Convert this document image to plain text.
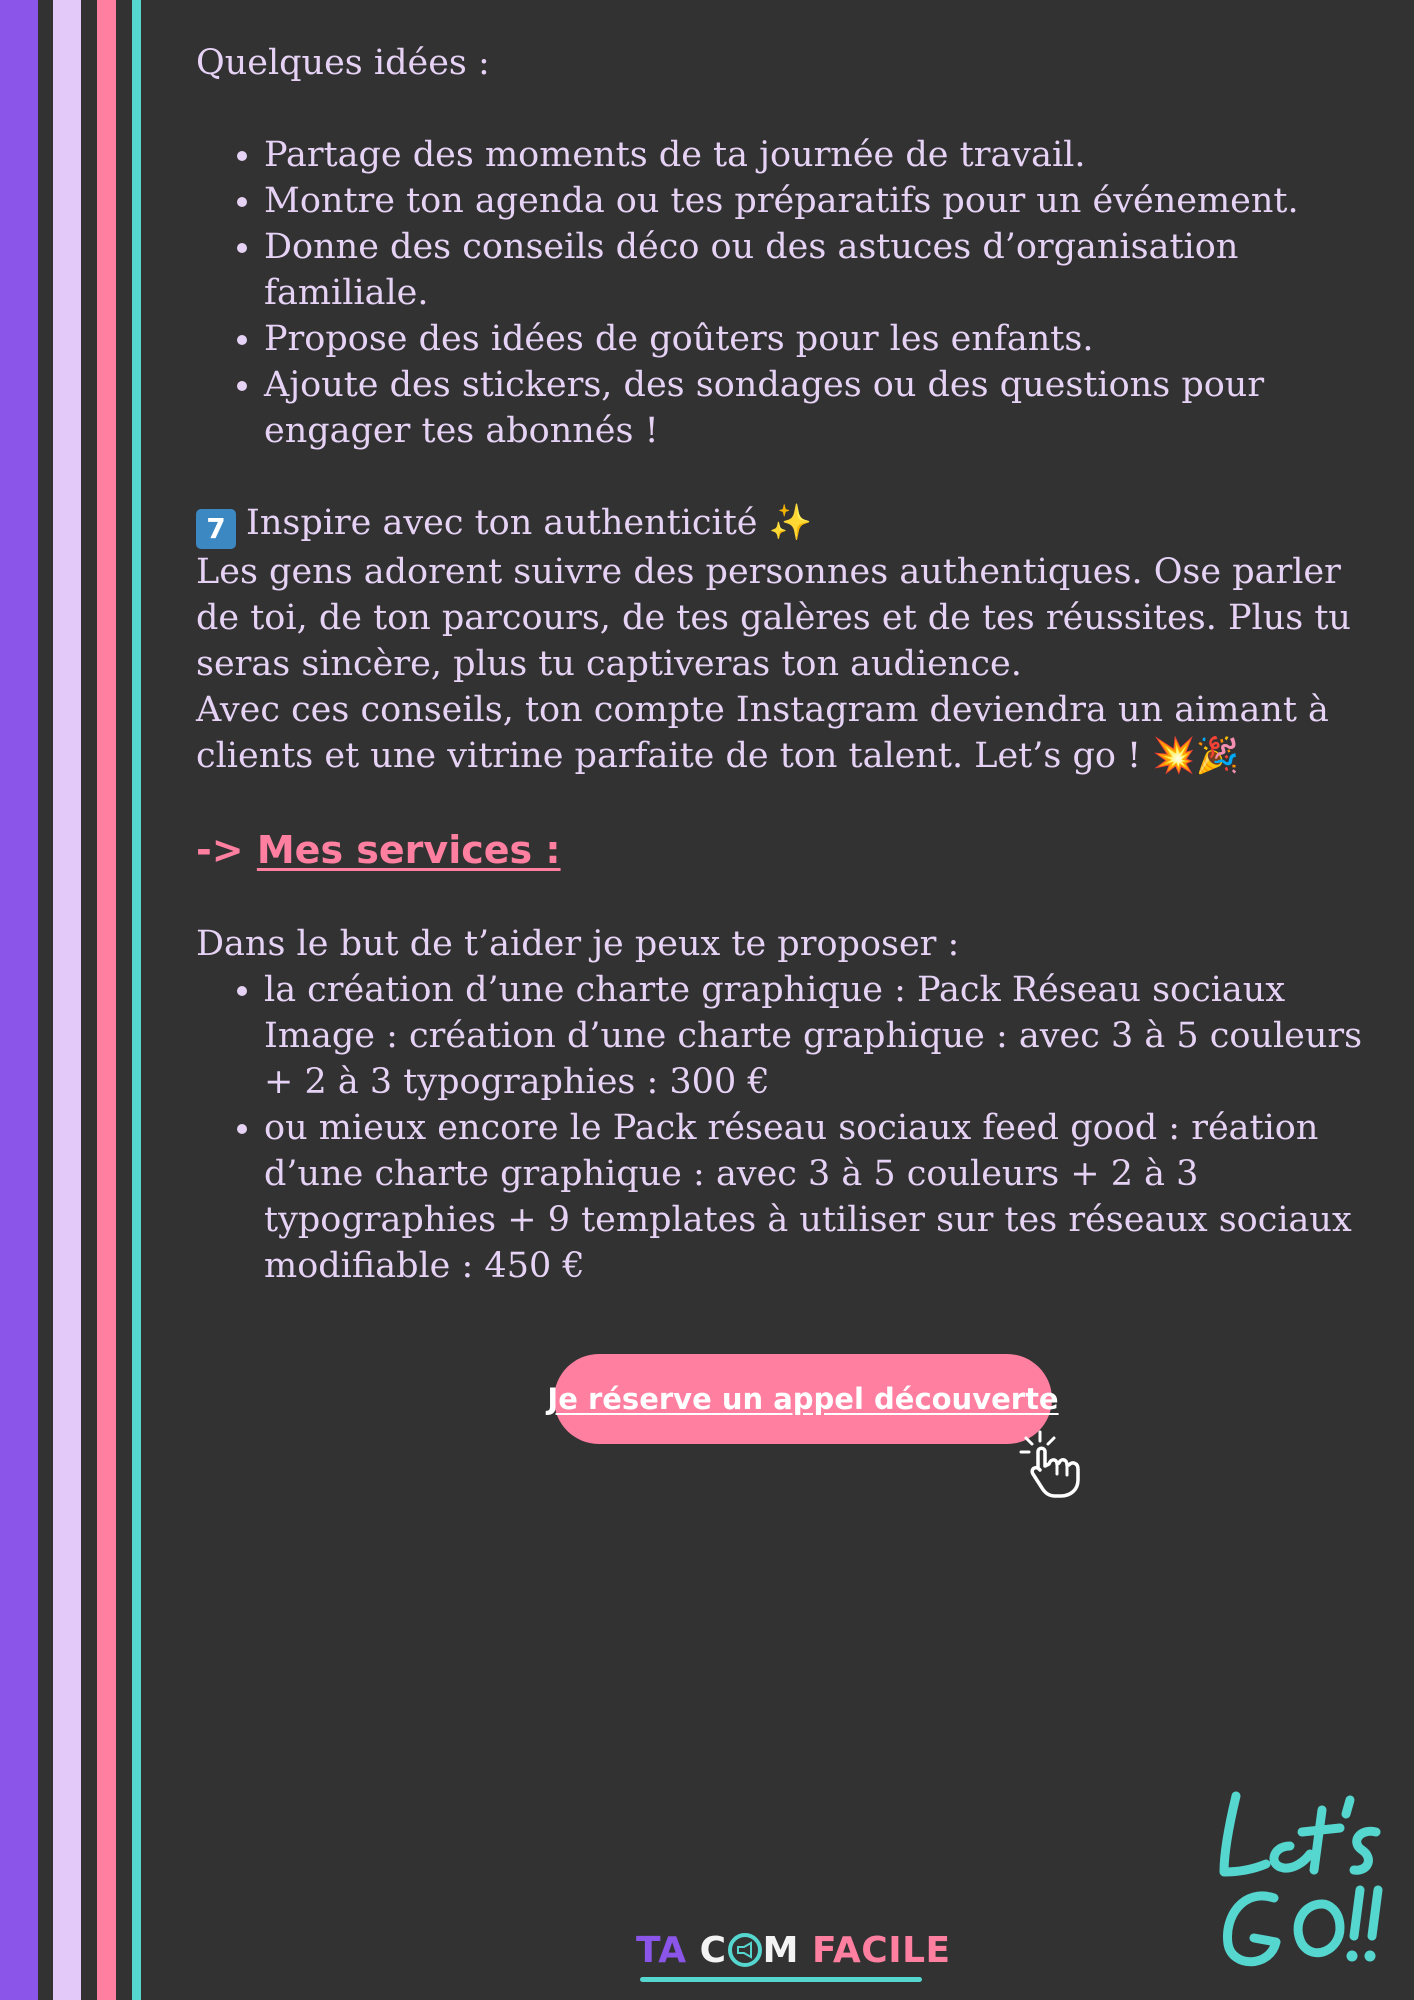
Quelques idées :

• Partage des moments de ta journée de travail.
• Montre ton agenda ou tes préparatifs pour un événement.
• Donne des conseils déco ou des astuces d’organisation familiale.
• Propose des idées de goûters pour les enfants.
• Ajoute des stickers, des sondages ou des questions pour engager tes abonnés !

7 Inspire avec ton authenticité ✨

Les gens adorent suivre des personnes authentiques. Ose parler de toi, de ton parcours, de tes galères et de tes réussites. Plus tu seras sincère, plus tu captiveras ton audience.

Avec ces conseils, ton compte Instagram deviendra un aimant à clients et une vitrine parfaite de ton talent. Let’s go ! 💥🎉

-> Mes services :

Dans le but de t’aider je peux te proposer :

• la création d’une charte graphique : Pack Réseau sociaux Image : création d’une charte graphique : avec 3 à 5 couleurs + 2 à 3 typographies : 300 €
• ou mieux encore le Pack réseau sociaux feed good : réation d’une charte graphique : avec 3 à 5 couleurs + 2 à 3 typographies + 9 templates à utiliser sur tes réseaux sociaux modifiable : 450 €
Je réserve un appel découverte
TA C M FACILE
